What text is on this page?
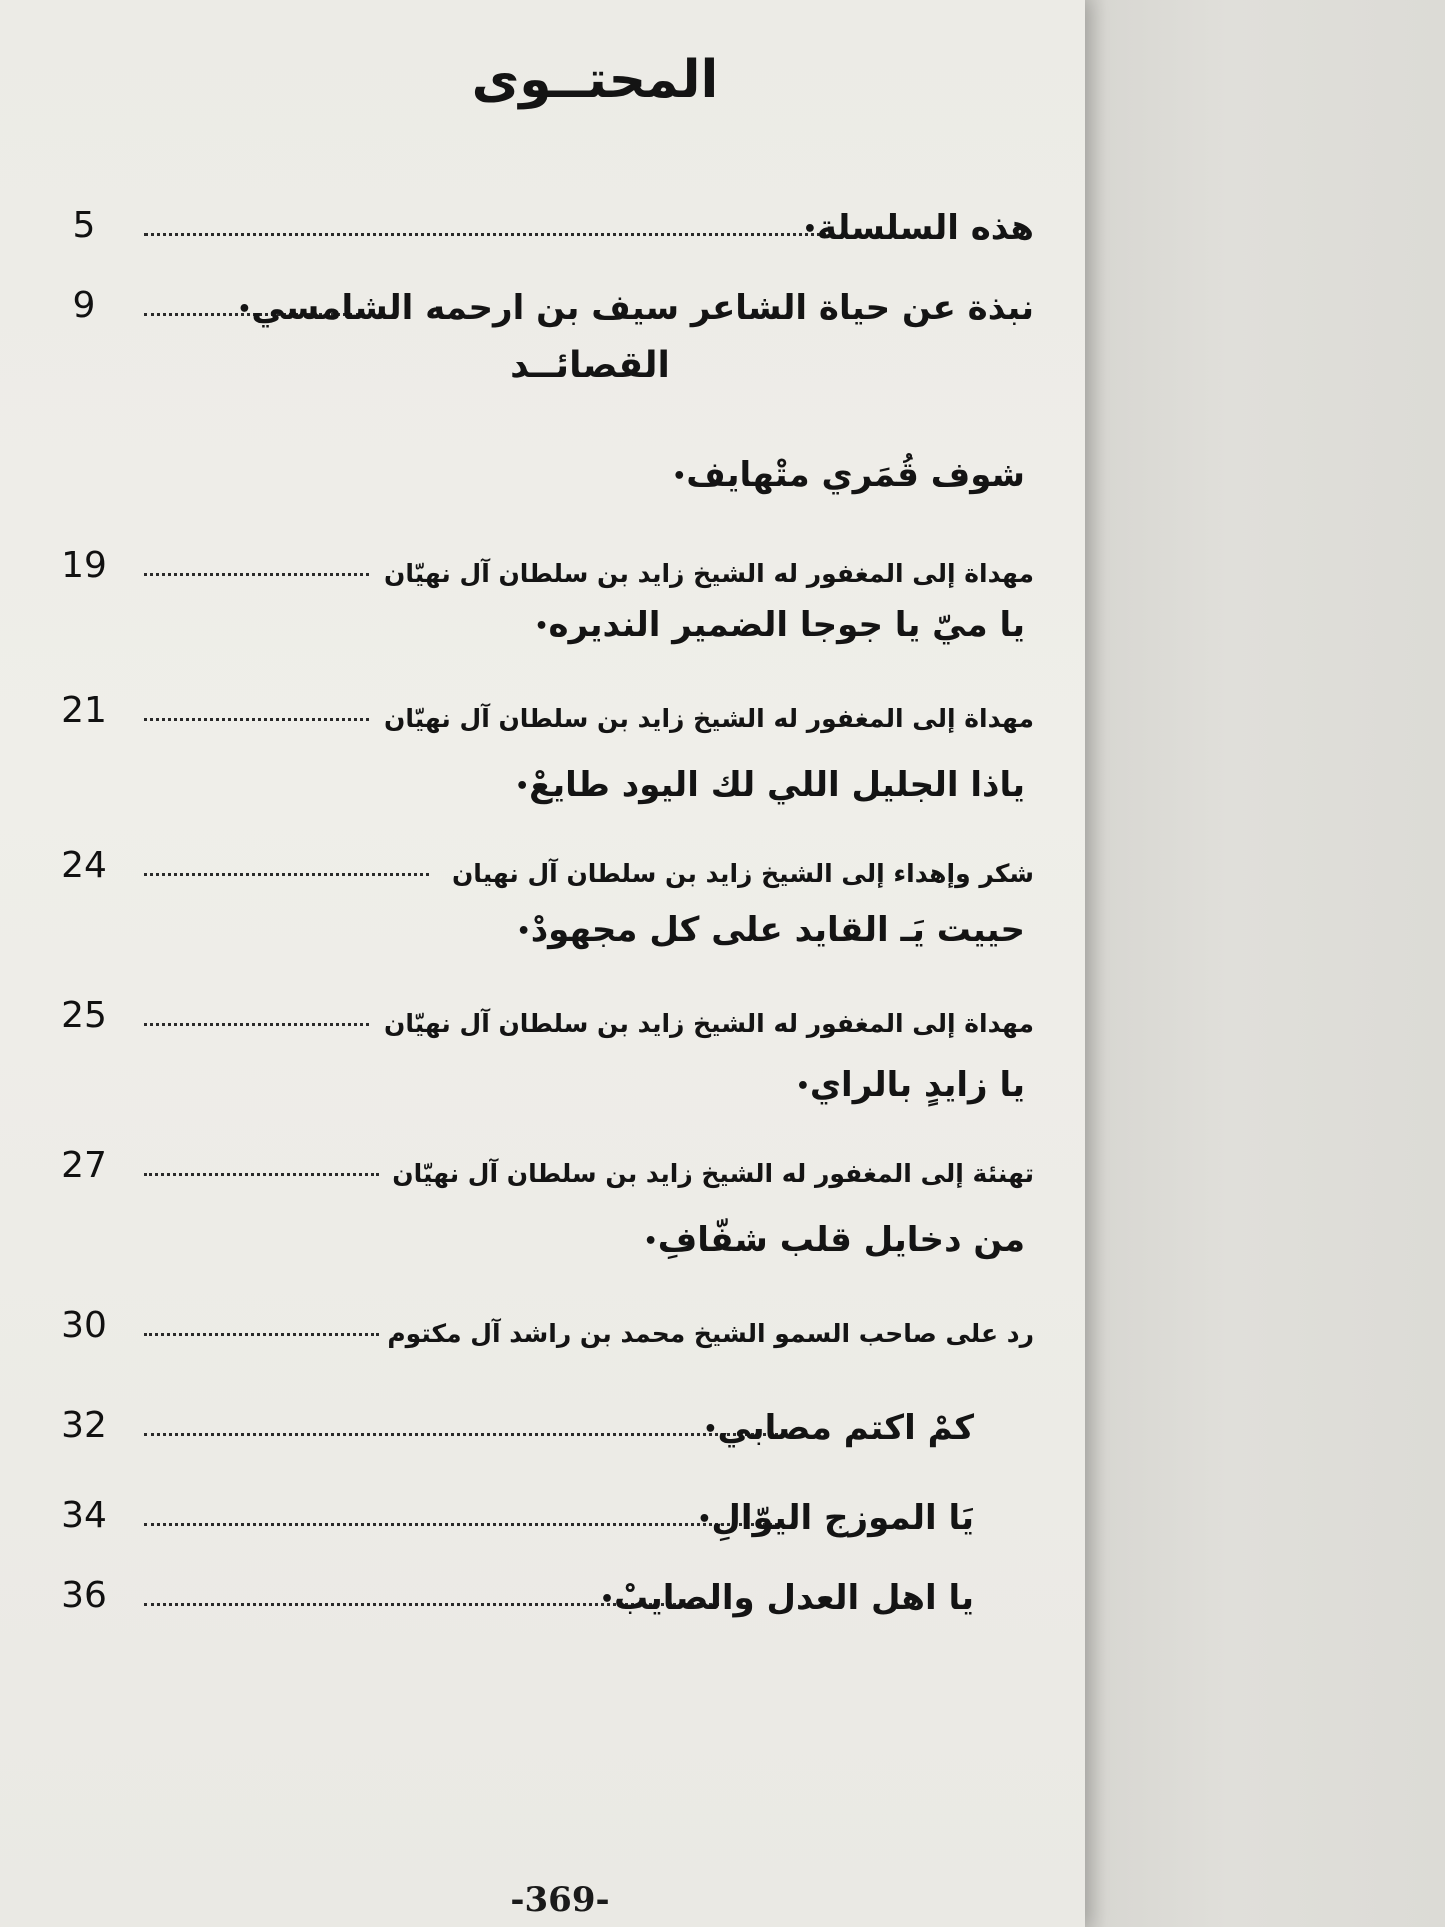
المحتــوى
5	هذه السلسلة•
9	نبذة عن حياة الشاعر سيف بن ارحمه الشامسي•
القصائــد
شوف قُمَري متْهايف•
19	مهداة إلى المغفور له الشيخ زايد بن سلطان آل نهيّان
يا ميّ يا جوجا الضمير النديره•
21	مهداة إلى المغفور له الشيخ زايد بن سلطان آل نهيّان
ياذا الجليل اللي لك اليود طايعْ•
24	شكر وإهداء إلى الشيخ زايد بن سلطان آل نهيان
حييت يَـ القايد على كل مجهودْ•
25	مهداة إلى المغفور له الشيخ زايد بن سلطان آل نهيّان
يا زايدٍ بالراي•
27	تهنئة إلى المغفور له الشيخ زايد بن سلطان آل نهيّان
من دخايل قلب شفّافِ•
30	رد على صاحب السمو الشيخ محمد بن راشد آل مكتوم
32	كمْ اكتم مصابي•
34	يَا الموزج اليوّالِ•
36	يا اهل العدل والصايبْ•
-369-
